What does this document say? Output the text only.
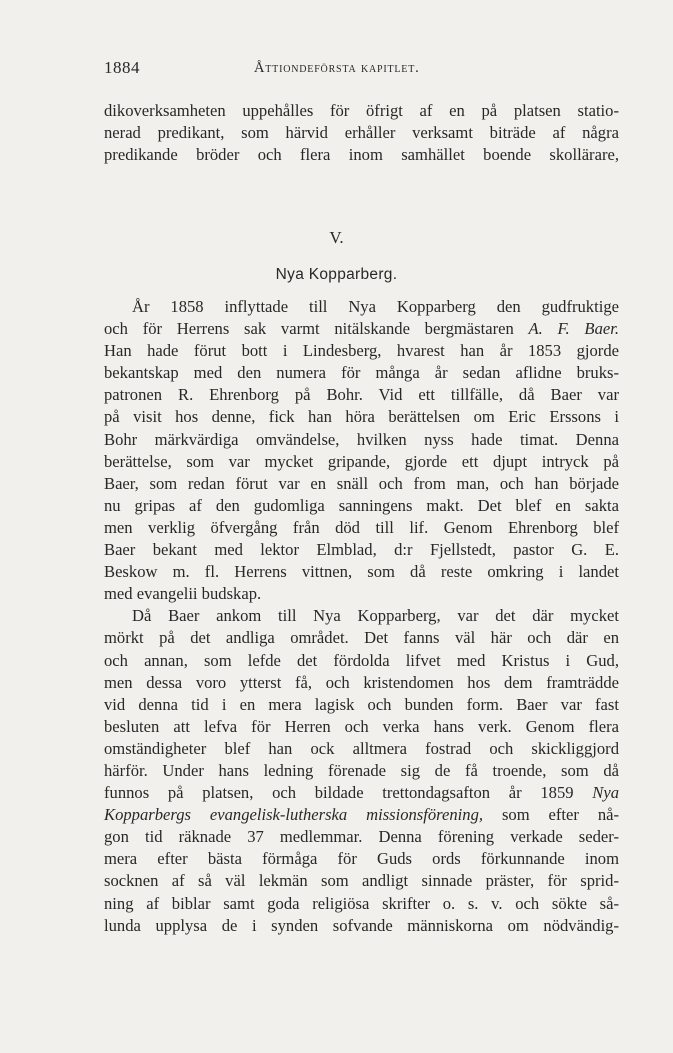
1884	Åttiondeförsta kapitlet.
dikoverksamheten uppehålles för öfrigt af en på platsen statio-
nerad predikant, som härvid erhåller verksamt biträde af några
predikande bröder och flera inom samhället boende skollärare,
V.
Nya Kopparberg.
År 1858 inflyttade till Nya Kopparberg den gudfruktige
och för Herrens sak varmt nitälskande bergmästaren A. F. Baer.
Han hade förut bott i Lindesberg, hvarest han år 1853 gjorde
bekantskap med den numera för många år sedan aflidne bruks-
patronen R. Ehrenborg på Bohr. Vid ett tillfälle, då Baer var
på visit hos denne, fick han höra berättelsen om Eric Erssons i
Bohr märkvärdiga omvändelse, hvilken nyss hade timat. Denna
berättelse, som var mycket gripande, gjorde ett djupt intryck på
Baer, som redan förut var en snäll och from man, och han började
nu gripas af den gudomliga sanningens makt. Det blef en sakta
men verklig öfvergång från död till lif. Genom Ehrenborg blef
Baer bekant med lektor Elmblad, d:r Fjellstedt, pastor G. E.
Beskow m. fl. Herrens vittnen, som då reste omkring i landet
med evangelii budskap.
Då Baer ankom till Nya Kopparberg, var det där mycket
mörkt på det andliga området. Det fanns väl här och där en
och annan, som lefde det fördolda lifvet med Kristus i Gud,
men dessa voro ytterst få, och kristendomen hos dem framträdde
vid denna tid i en mera lagisk och bunden form. Baer var fast
besluten att lefva för Herren och verka hans verk. Genom flera
omständigheter blef han ock alltmera fostrad och skickliggjord
härför. Under hans ledning förenade sig de få troende, som då
funnos på platsen, och bildade trettondagsafton år 1859 Nya
Kopparbergs evangelisk-lutherska missionsförening, som efter nå-
gon tid räknade 37 medlemmar. Denna förening verkade seder-
mera efter bästa förmåga för Guds ords förkunnande inom
socknen af så väl lekmän som andligt sinnade präster, för sprid-
ning af biblar samt goda religiösa skrifter o. s. v. och sökte så-
lunda upplysa de i synden sofvande människorna om nödvändig-
